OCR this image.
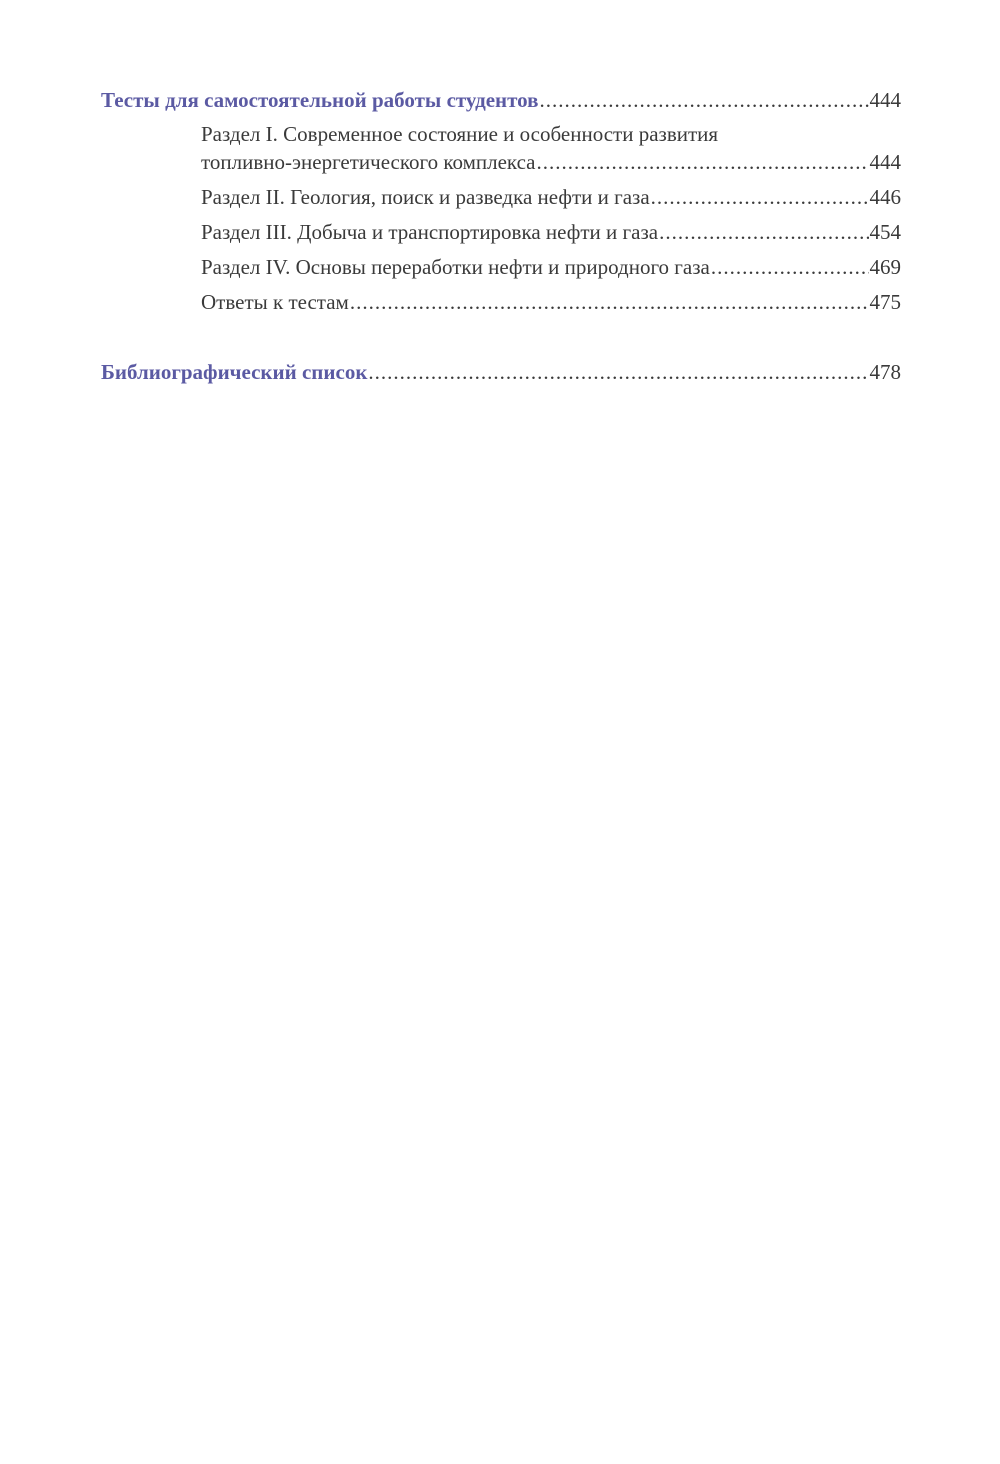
Тесты для самостоятельной работы студентов .....	444
Раздел I. Современное состояние и особенности развития
топливно-энергетического комплекса .....	444
Раздел II. Геология, поиск и разведка нефти и газа .....	446
Раздел III. Добыча и транспортировка нефти и газа .....	454
Раздел IV. Основы переработки нефти и природного газа .....	469
Ответы к тестам .....	475
Библиографический список .....	478
